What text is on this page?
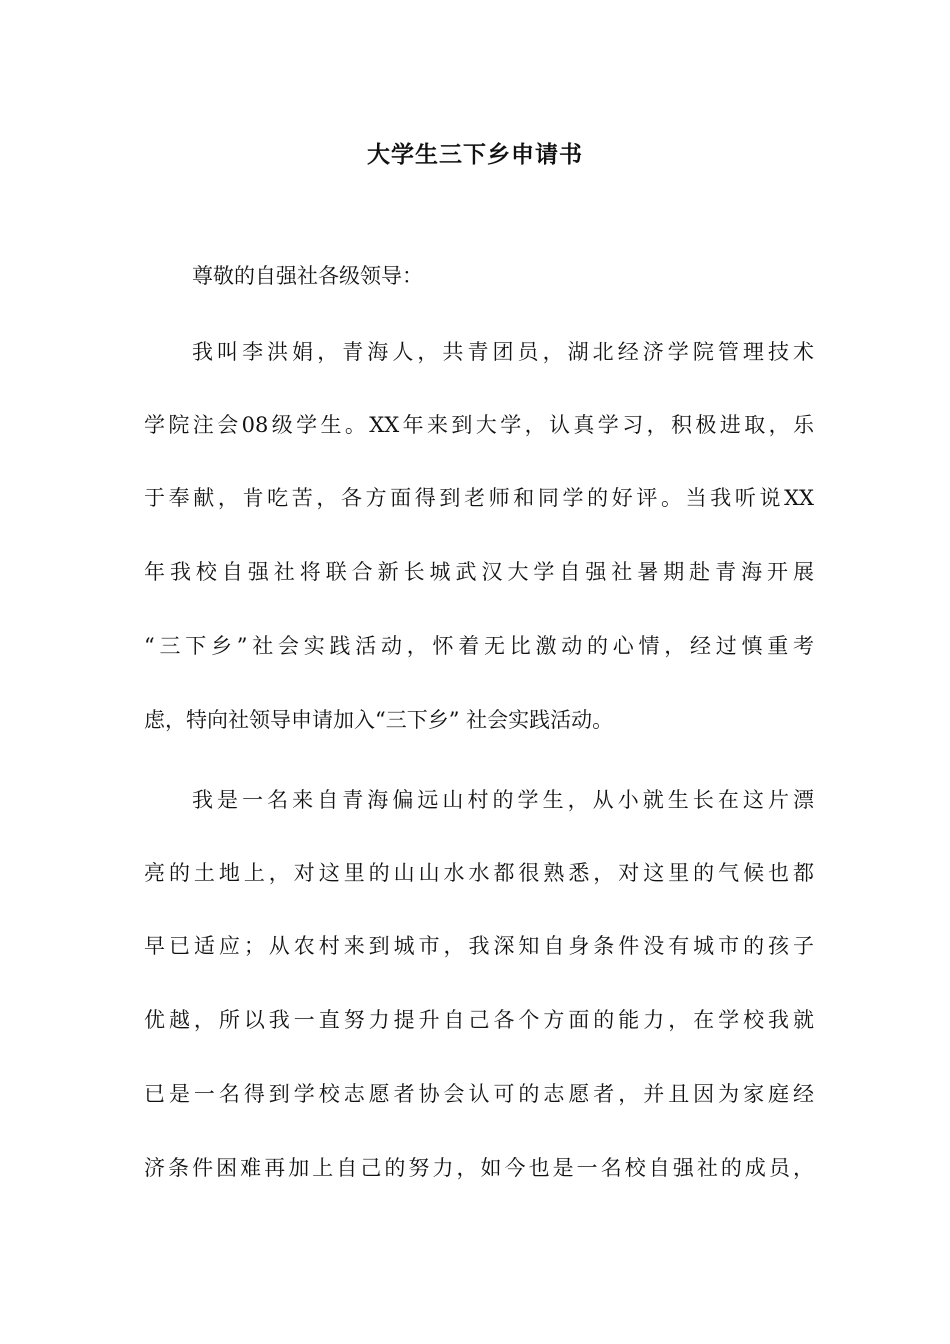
大学生三下乡申请书
尊敬的自强社各级领导：
我叫李洪娟，青海人，共青团员，湖北经济学院管理技术
学院注会08级学生。XX年来到大学，认真学习，积极进取，乐
于奉献，肯吃苦，各方面得到老师和同学的好评。当我听说XX
年我校自强社将联合新长城武汉大学自强社暑期赴青海开展
“三下乡”社会实践活动，怀着无比激动的心情，经过慎重考
虑，特向社领导申请加入“三下乡” 社会实践活动。
我是一名来自青海偏远山村的学生，从小就生长在这片漂
亮的土地上，对这里的山山水水都很熟悉，对这里的气候也都
早已适应；从农村来到城市，我深知自身条件没有城市的孩子
优越，所以我一直努力提升自己各个方面的能力，在学校我就
已是一名得到学校志愿者协会认可的志愿者，并且因为家庭经
济条件困难再加上自己的努力，如今也是一名校自强社的成员，
